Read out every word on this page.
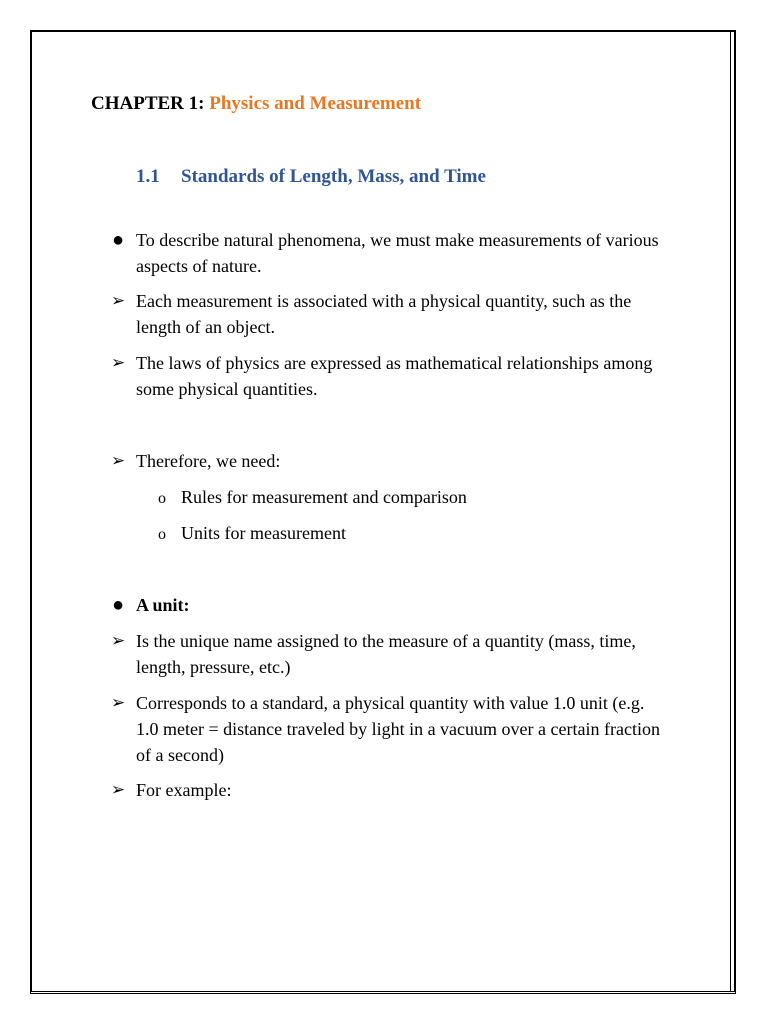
CHAPTER 1: Physics and Measurement
1.1 Standards of Length, Mass, and Time
● To describe natural phenomena, we must make measurements of various aspects of nature.
➢ Each measurement is associated with a physical quantity, such as the length of an object.
➢ The laws of physics are expressed as mathematical relationships among some physical quantities.
➢ Therefore, we need:
o Rules for measurement and comparison
o Units for measurement
● A unit:
➢ Is the unique name assigned to the measure of a quantity (mass, time, length, pressure, etc.)
➢ Corresponds to a standard, a physical quantity with value 1.0 unit (e.g. 1.0 meter = distance traveled by light in a vacuum over a certain fraction of a second)
➢ For example:
